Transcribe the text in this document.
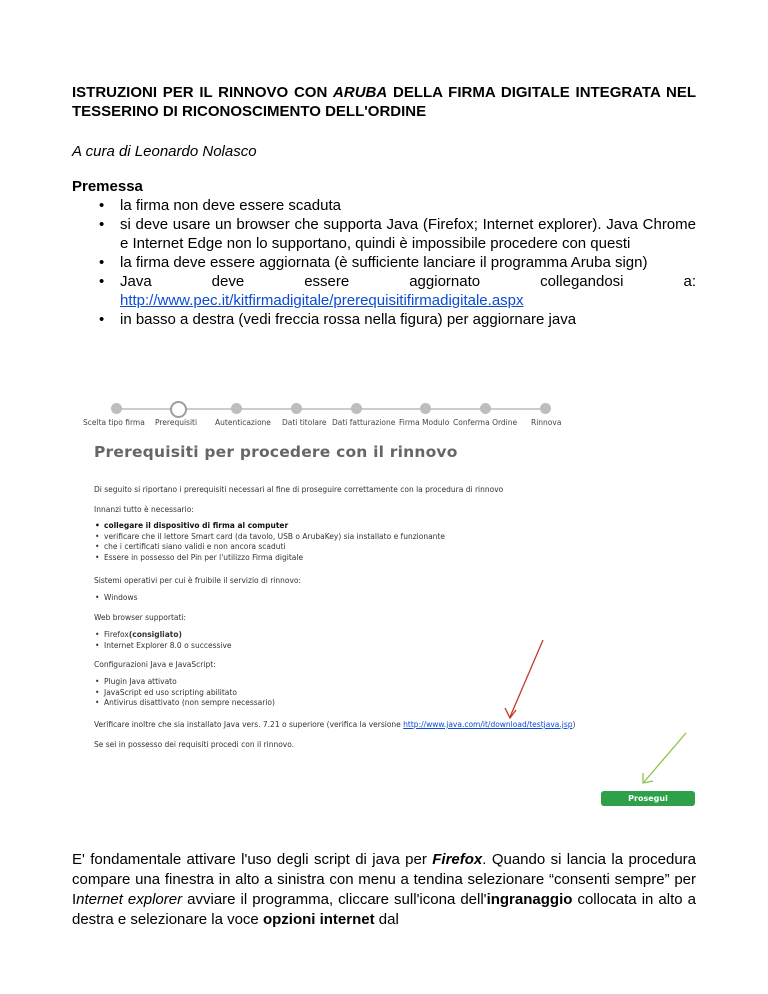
ISTRUZIONI PER IL RINNOVO CON ARUBA DELLA FIRMA DIGITALE INTEGRATA NEL TESSERINO DI RICONOSCIMENTO DELL'ORDINE
A cura di Leonardo Nolasco
Premessa
• la firma non deve essere scaduta
• si deve usare un browser che supporta Java (Firefox; Internet explorer). Java Chrome e Internet Edge non lo supportano, quindi è impossibile procedere con questi
• la firma deve essere aggiornata (è sufficiente lanciare il programma Aruba sign)
• Java	deve	essere	aggiornato	collegandosi	a:
http://www.pec.it/kitfirmadigitale/prerequisitifirmadigitale.aspx
• in basso a destra (vedi freccia rossa nella figura) per aggiornare java
Scelta tipo firma Prerequisiti Autenticazione Dati titolare Dati fatturazione Firma Modulo Conferma Ordine Rinnova
Prerequisiti per procedere con il rinnovo
Di seguito si riportano i prerequisiti necessari al fine di proseguire correttamente con la procedura di rinnovo
Innanzi tutto è necessario:
• collegare il dispositivo di firma al computer
• verificare che il lettore Smart card (da tavolo, USB o ArubaKey) sia installato e funzionante
• che i certificati siano validi e non ancora scaduti
• Essere in possesso del Pin per l'utilizzo Firma digitale
Sistemi operativi per cui è fruibile il servizio di rinnovo:
• Windows
Web browser supportati:
• Firefox(consigliato)
• Internet Explorer 8.0 o successive
Configurazioni Java e JavaScript:
• Plugin Java attivato
• JavaScript ed uso scripting abilitato
• Antivirus disattivato (non sempre necessario)
Verificare inoltre che sia installato Java vers. 7.21 o superiore (verifica la versione http://www.java.com/it/download/testjava.jsp)
Se sei in possesso dei requisiti procedi con il rinnovo.
Prosegui
E' fondamentale attivare l'uso degli script di java per Firefox. Quando si lancia la procedura compare una finestra in alto a sinistra con menu a tendina selezionare “consenti sempre” per Internet explorer avviare il programma, cliccare sull'icona dell'ingranaggio collocata in alto a destra e selezionare la voce opzioni internet dal
